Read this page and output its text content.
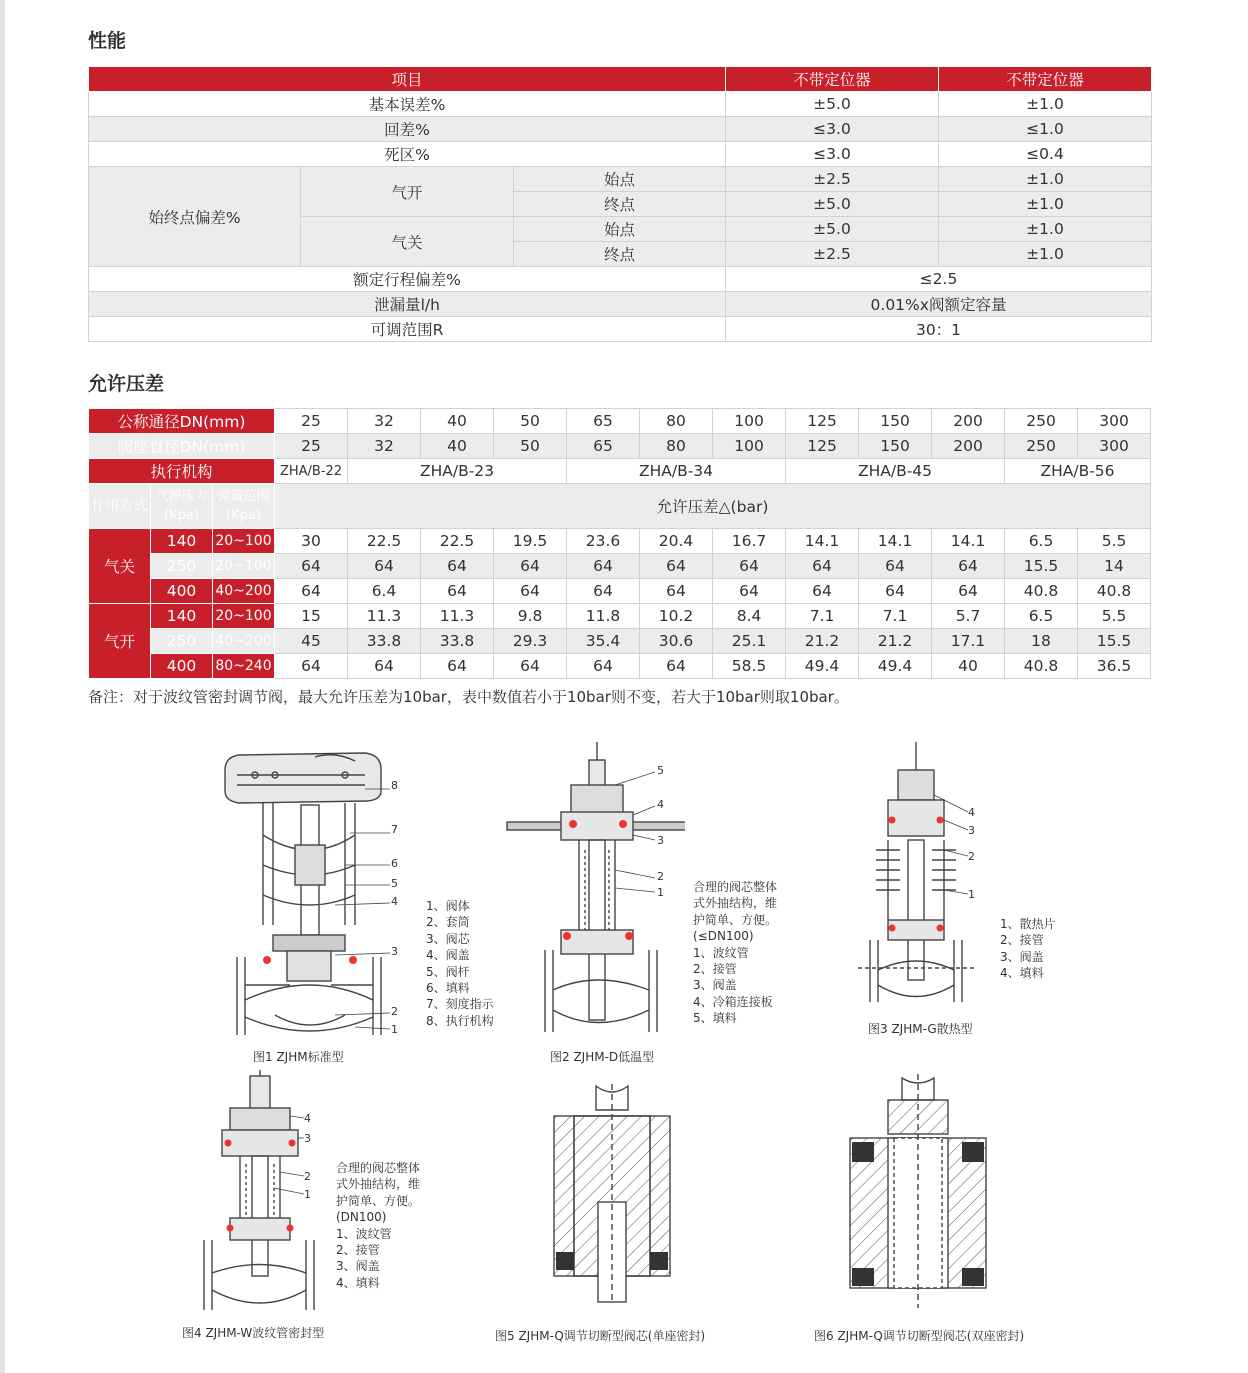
性能
项目			不带定位器	不带定位器
基本误差%			±5.0	±1.0
回差%			≤3.0	≤1.0
死区%			≤3.0	≤0.4
始终点偏差%	气开	始点	±2.5	±1.0
		终点	±5.0	±1.0
	气关	始点	±5.0	±1.0
		终点	±2.5	±1.0
额定行程偏差%			≤2.5	
泄漏量l/h			0.01%x阀额定容量	
可调范围R			30：1	
允许压差
公称通径DN(mm)			25	32	40	50	65	80	100	125	150	200	250	300
阀座直径DN(mm)			25	32	40	50	65	80	100	125	150	200	250	300
执行机构			ZHA/B-22	ZHA/B-23			ZHA/B-34			ZHA/B-45			ZHA/B-56	
作用方式	气源压力(Kpa)	弹簧范围(Kpa)	允许压差△(bar)											
气关	140	20~100	30	22.5	22.5	19.5	23.6	20.4	16.7	14.1	14.1	14.1	6.5	5.5
	250	20~100	64	64	64	64	64	64	64	64	64	64	15.5	14
	400	40~200	64	6.4	64	64	64	64	64	64	64	64	40.8	40.8
气开	140	20~100	15	11.3	11.3	9.8	11.8	10.2	8.4	7.1	7.1	5.7	6.5	5.5
	250	40~200	45	33.8	33.8	29.3	35.4	30.6	25.1	21.2	21.2	17.1	18	15.5
	400	80~240	64	64	64	64	64	64	58.5	49.4	49.4	40	40.8	36.5
备注：对于波纹管密封调节阀，最大允许压差为10bar，表中数值若小于10bar则不变，若大于10bar则取10bar。
8
7
6
5
4
3
2
1
1、阀体
2、套筒
3、阀芯
4、阀盖
5、阀杆
6、填料
7、刻度指示
8、执行机构
图1 ZJHM标准型
5
4
3
2
1 合理的阀芯整体
式外抽结构，维
护简单、方便。
(≤DN100)
1、波纹管
2、接管
3、阀盖
4、冷箱连接板
5、填料
图2 ZJHM-D低温型
4
3
2
1
1、散热片
2、接管
3、阀盖
4、填料
图3 ZJHM-G散热型
4
3
2
1
合理的阀芯整体
式外抽结构，维
护简单、方便。
(DN100)
1、波纹管
2、接管
3、阀盖
4、填料
图4 ZJHM-W波纹管密封型	图5 ZJHM-Q调节切断型阀芯(单座密封)	图6 ZJHM-Q调节切断型阀芯(双座密封)
